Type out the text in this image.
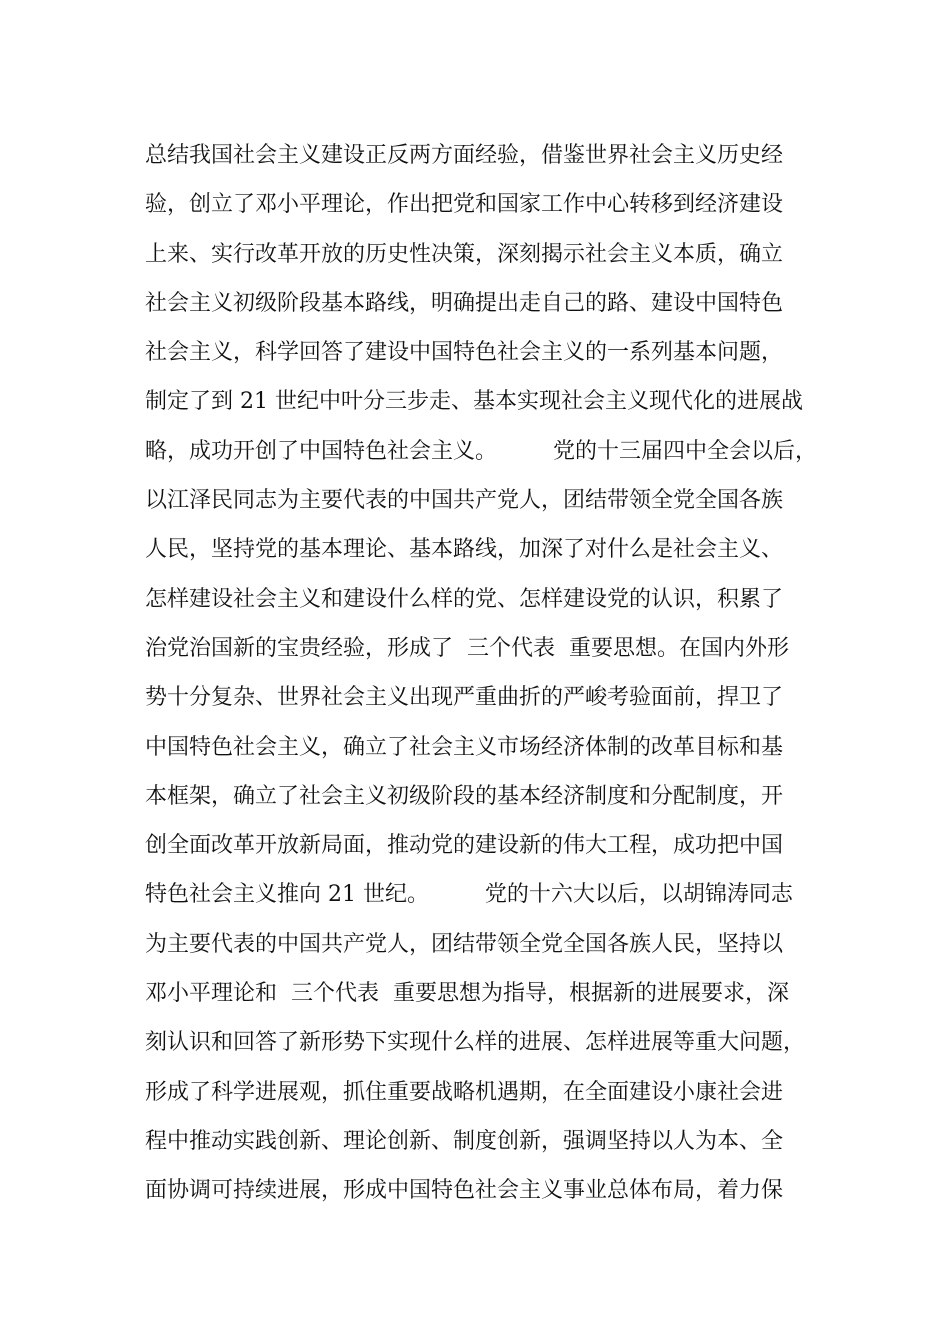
总结我国社会主义建设正反两方面经验，借鉴世界社会主义历史经
验，创立了邓小平理论，作出把党和国家工作中心转移到经济建设
上来、实行改革开放的历史性决策，深刻揭示社会主义本质，确立
社会主义初级阶段基本路线，明确提出走自己的路、建设中国特色
社会主义，科学回答了建设中国特色社会主义的一系列基本问题，
制定了到 21 世纪中叶分三步走、基本实现社会主义现代化的进展战
略，成功开创了中国特色社会主义。        党的十三届四中全会以后，
以江泽民同志为主要代表的中国共产党人，团结带领全党全国各族
人民，坚持党的基本理论、基本路线，加深了对什么是社会主义、
怎样建设社会主义和建设什么样的党、怎样建设党的认识，积累了
治党治国新的宝贵经验，形成了  三个代表  重要思想。在国内外形
势十分复杂、世界社会主义出现严重曲折的严峻考验面前，捍卫了
中国特色社会主义，确立了社会主义市场经济体制的改革目标和基
本框架，确立了社会主义初级阶段的基本经济制度和分配制度，开
创全面改革开放新局面，推动党的建设新的伟大工程，成功把中国
特色社会主义推向 21 世纪。        党的十六大以后，以胡锦涛同志
为主要代表的中国共产党人，团结带领全党全国各族人民，坚持以
邓小平理论和  三个代表  重要思想为指导，根据新的进展要求，深
刻认识和回答了新形势下实现什么样的进展、怎样进展等重大问题，
形成了科学进展观，抓住重要战略机遇期，在全面建设小康社会进
程中推动实践创新、理论创新、制度创新，强调坚持以人为本、全
面协调可持续进展，形成中国特色社会主义事业总体布局，着力保
